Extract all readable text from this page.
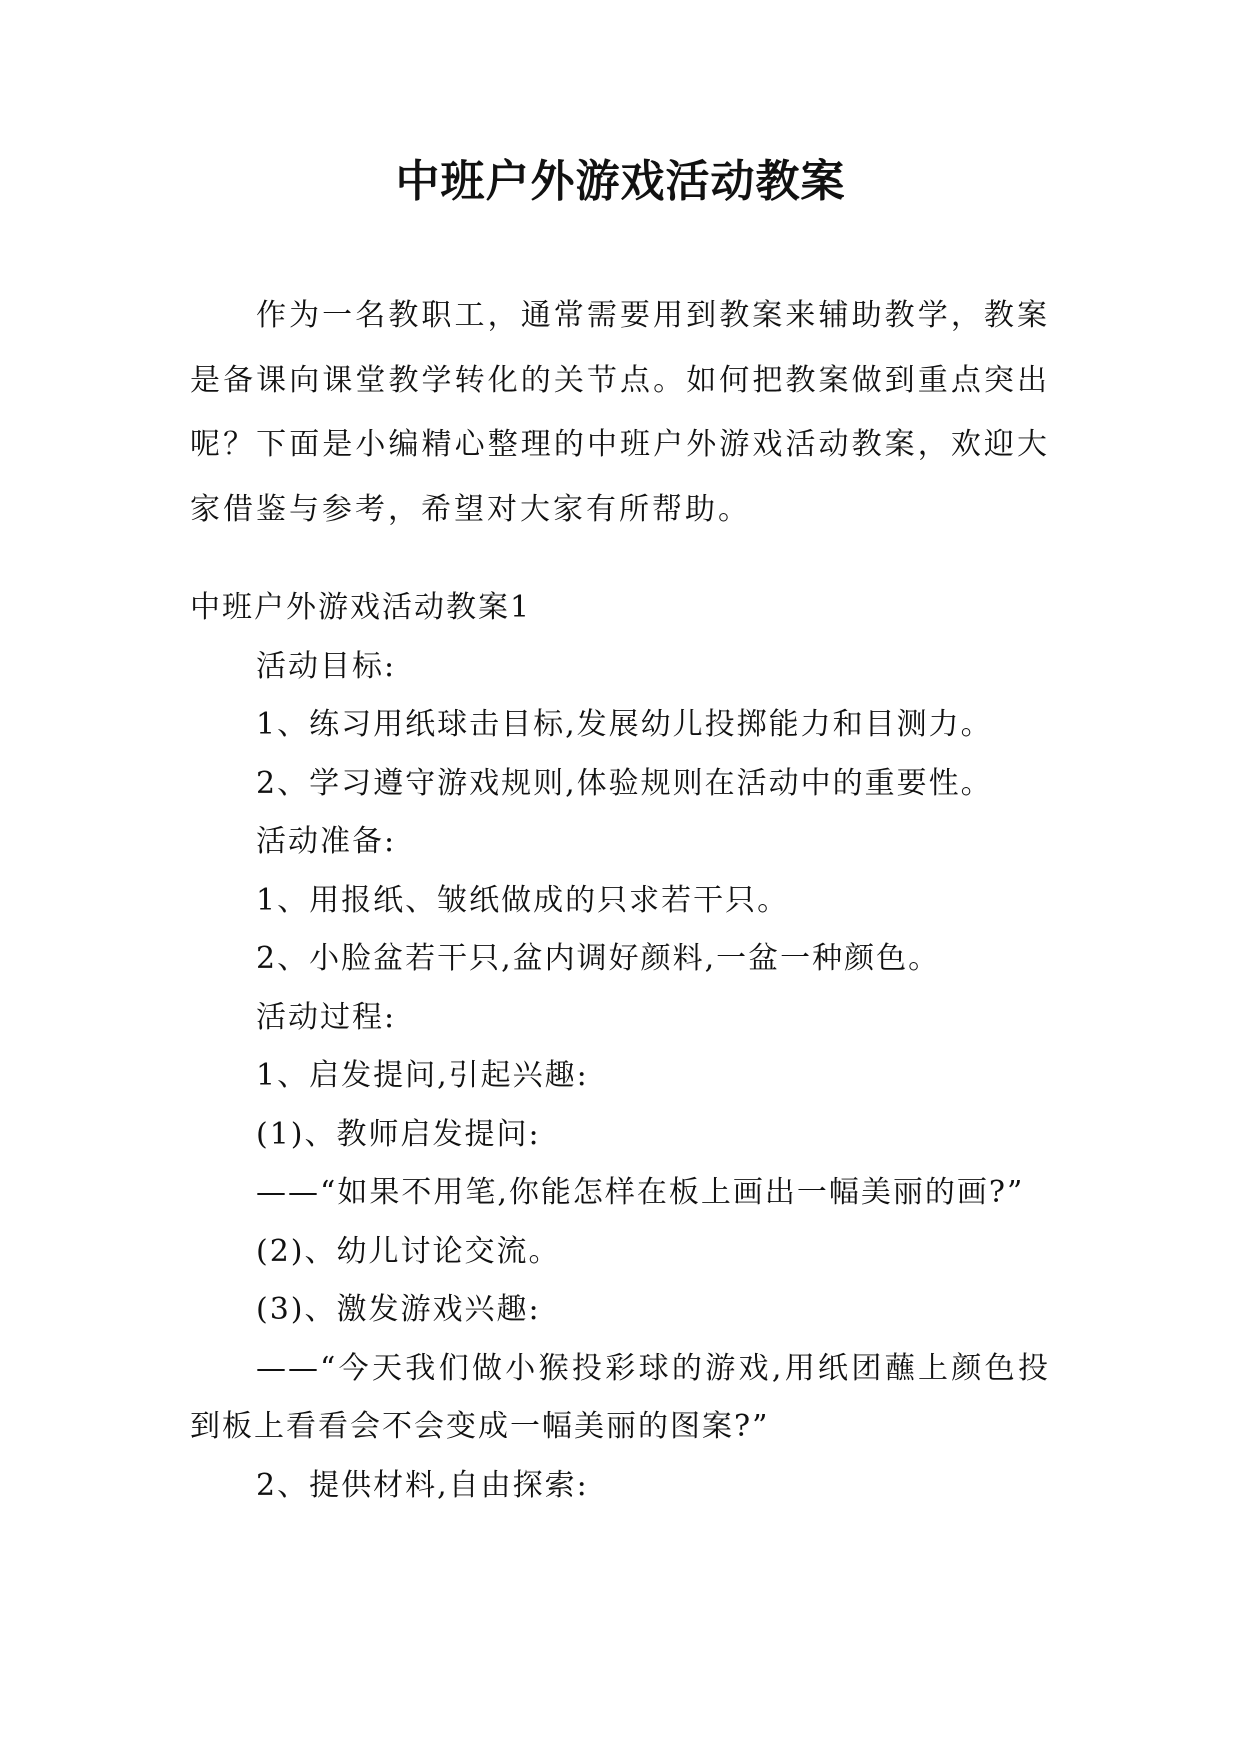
中班户外游戏活动教案

作为一名教职工，通常需要用到教案来辅助教学，教案是备课向课堂教学转化的关节点。如何把教案做到重点突出呢？下面是小编精心整理的中班户外游戏活动教案，欢迎大家借鉴与参考，希望对大家有所帮助。

中班户外游戏活动教案1

活动目标:

1、练习用纸球击目标,发展幼儿投掷能力和目测力。

2、学习遵守游戏规则,体验规则在活动中的重要性。

活动准备:

1、用报纸、皱纸做成的只求若干只。

2、小脸盆若干只,盆内调好颜料,一盆一种颜色。

活动过程:

1、启发提问,引起兴趣:

(1)、教师启发提问:

——“如果不用笔,你能怎样在板上画出一幅美丽的画?”

(2)、幼儿讨论交流。

(3)、激发游戏兴趣:

——“今天我们做小猴投彩球的游戏,用纸团蘸上颜色投到板上看看会不会变成一幅美丽的图案?”

2、提供材料,自由探索:
